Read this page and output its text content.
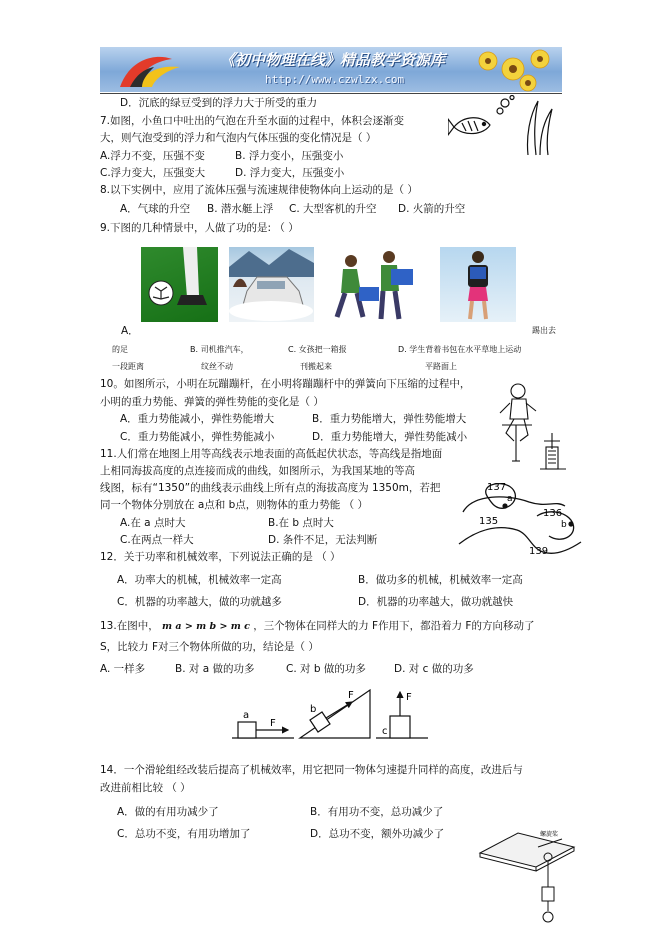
《初中物理在线》精品教学资源库
http://www.czwlzx.com
D．沉底的绿豆受到的浮力大于所受的重力
7.如图，小鱼口中吐出的气泡在升至水面的过程中，体积会逐渐变
大，则气泡受到的浮力和气泡内气体压强的变化情况是（ ）
A.浮力不变，压强不变	B. 浮力变小，压强变小
C.浮力变大，压强变大	D. 浮力变大，压强变小
8.以下实例中，应用了流体压强与流速规律使物体向上运动的是（ ）
A．气球的升空 B. 潜水艇上浮 C. 大型客机的升空 D. 火箭的升空
9.下图的几种情景中，人做了功的是: （ ）
A．	踢出去
的足	B. 司机推汽车，	C. 女孩把一箱报	D. 学生背着书包在水平草地上运动
一段距离	纹丝不动	刊搬起来	平路面上
10。如图所示，小明在玩蹦蹦杆，在小明将蹦蹦杆中的弹簧向下压缩的过程中，
小明的重力势能、弹簧的弹性势能的变化是（ ）
A．重力势能减小，弹性势能增大	B．重力势能增大，弹性势能增大
C．重力势能减小，弹性势能减小	D．重力势能增大，弹性势能减小
11.人们常在地图上用等高线表示地表面的高低起伏状态，等高线是指地面
上相同海拔高度的点连接而成的曲线，如图所示，为我国某地的等高
线图，标有“1350”的曲线表示曲线上所有点的海拔高度为 1350m，若把
同一个物体分别放在 a点和 b点，则物体的重力势能 （ ）
A.在 a 点时大	B.在 b 点时大
C.在两点一样大	D. 条件不足，无法判断
137
136
135
139
a
b
12．关于功率和机械效率，下列说法正确的是 （ ）
A．功率大的机械，机械效率一定高	B．做功多的机械，机械效率一定高
C．机器的功率越大，做的功就越多	D．机器的功率越大，做功就越快
13.在图中， m a > m b > m c ，三个物体在同样大的力 F作用下，都沿着力 F的方向移动了
S，比较力 F对三个物体所做的功，结论是（ ）
A. 一样多	B. 对 a 做的功多	C. 对 b 做的功多	D. 对 c 做的功多
a
F
b
F
c
F
14．一个滑轮组经改装后提高了机械效率，用它把同一物体匀速提升同样的高度，改进后与
改进前相比较 （ ）
A．做的有用功减少了	B．有用功不变，总功减少了
C．总功不变，有用功增加了	D．总功不变，额外功减少了	螺旋桨
